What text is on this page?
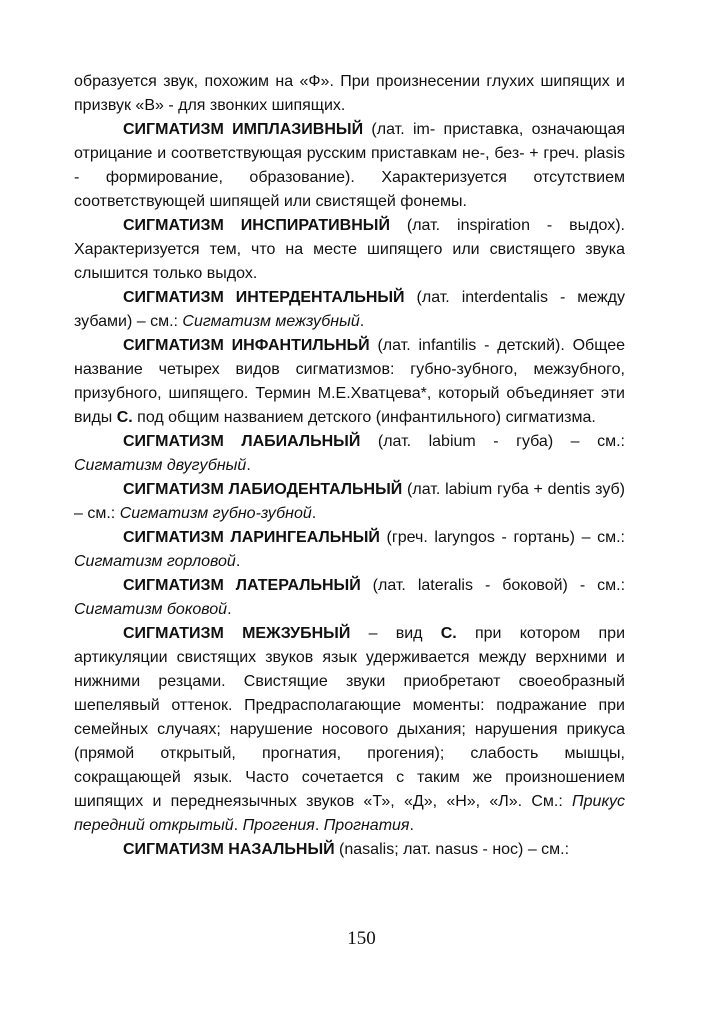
образуется звук, похожим на «Ф». При произнесении глухих шипящих и призвук «В» - для звонких шипящих.

СИГМАТИЗМ ИМПЛАЗИВНЫЙ (лат. im- приставка, означающая отрицание и соответствующая русским приставкам не-, без- + греч. plasis - формирование, образование). Характеризуется отсутствием соответствующей шипящей или свистящей фонемы.

СИГМАТИЗМ ИНСПИРАТИВНЫЙ (лат. inspiration - выдох). Характеризуется тем, что на месте шипящего или свистящего звука слышится только выдох.

СИГМАТИЗМ ИНТЕРДЕНТАЛЬНЫЙ (лат. interdentalis - между зубами) – см.: Сигматизм межзубный.

СИГМАТИЗМ ИНФАНТИЛЬНЬЙ (лат. infantilis - детский). Общее название четырех видов сигматизмов: губно-зубного, межзубного, призубного, шипящего. Термин М.Е.Хватцева*, который объединяет эти виды С. под общим названием детского (инфантильного) сигматизма.

СИГМАТИЗМ ЛАБИАЛЬНЫЙ (лат. labium - губа) – см.: Сигматизм двугубный.

СИГМАТИЗМ ЛАБИОДЕНТАЛЬНЫЙ (лат. labium губа + dentis зуб) – см.: Сигматизм губно-зубной.

СИГМАТИЗМ ЛАРИНГЕАЛЬНЫЙ (греч. laryngos - гортань) – см.: Сигматизм горловой.

СИГМАТИЗМ ЛАТЕРАЛЬНЫЙ (лат. lateralis - боковой) - см.: Сигматизм боковой.

СИГМАТИЗМ МЕЖЗУБНЫЙ – вид С. при котором при артикуляции свистящих звуков язык удерживается между верхними и нижними резцами. Свистящие звуки приобретают своеобразный шепелявый оттенок. Предрасполагающие моменты: подражание при семейных случаях; нарушение носового дыхания; нарушения прикуса (прямой открытый, прогнатия, прогения); слабость мышцы, сокращающей язык. Часто сочетается с таким же произношением шипящих и переднеязычных звуков «Т», «Д», «Н», «Л». См.: Прикус передний открытый. Прогения. Прогнатия.

СИГМАТИЗМ НАЗАЛЬНЫЙ (nasalis; лат. nasus - нос) – см.:

150
